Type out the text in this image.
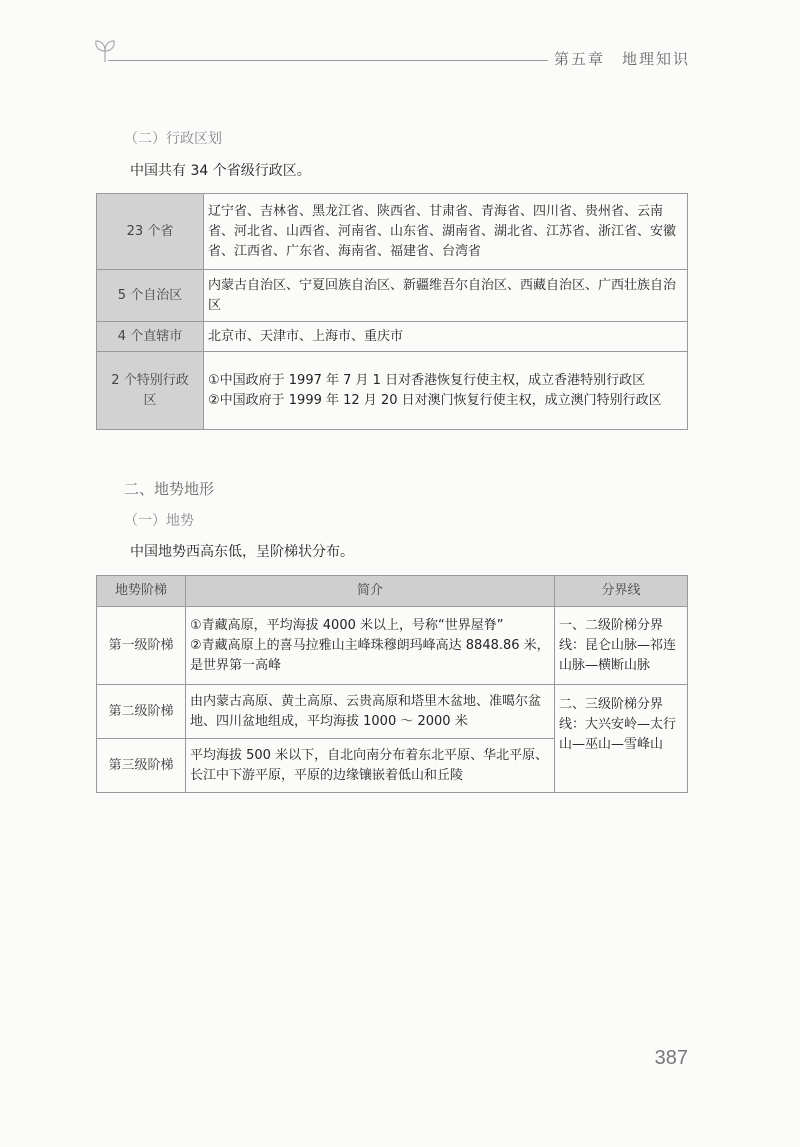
第五章　地理知识
（二）行政区划
中国共有 34 个省级行政区。
23 个省	辽宁省、吉林省、黑龙江省、陕西省、甘肃省、青海省、四川省、贵州省、云南省、河北省、山西省、河南省、山东省、湖南省、湖北省、江苏省、浙江省、安徽省、江西省、广东省、海南省、福建省、台湾省
5 个自治区	内蒙古自治区、宁夏回族自治区、新疆维吾尔自治区、西藏自治区、广西壮族自治区
4 个直辖市	北京市、天津市、上海市、重庆市
2 个特别行政区	①中国政府于 1997 年 7 月 1 日对香港恢复行使主权，成立香港特别行政区
②中国政府于 1999 年 12 月 20 日对澳门恢复行使主权，成立澳门特别行政区
二、地势地形
（一）地势
中国地势西高东低，呈阶梯状分布。
地势阶梯	简介	分界线
第一级阶梯	①青藏高原，平均海拔 4000 米以上，号称“世界屋脊”
②青藏高原上的喜马拉雅山主峰珠穆朗玛峰高达 8848.86 米，是世界第一高峰	一、二级阶梯分界线：昆仑山脉—祁连山脉—横断山脉
第二级阶梯	由内蒙古高原、黄土高原、云贵高原和塔里木盆地、准噶尔盆地、四川盆地组成，平均海拔 1000 ～ 2000 米	二、三级阶梯分界线：大兴安岭—太行山—巫山—雪峰山
第三级阶梯	平均海拔 500 米以下，自北向南分布着东北平原、华北平原、长江中下游平原，平原的边缘镶嵌着低山和丘陵	
387
